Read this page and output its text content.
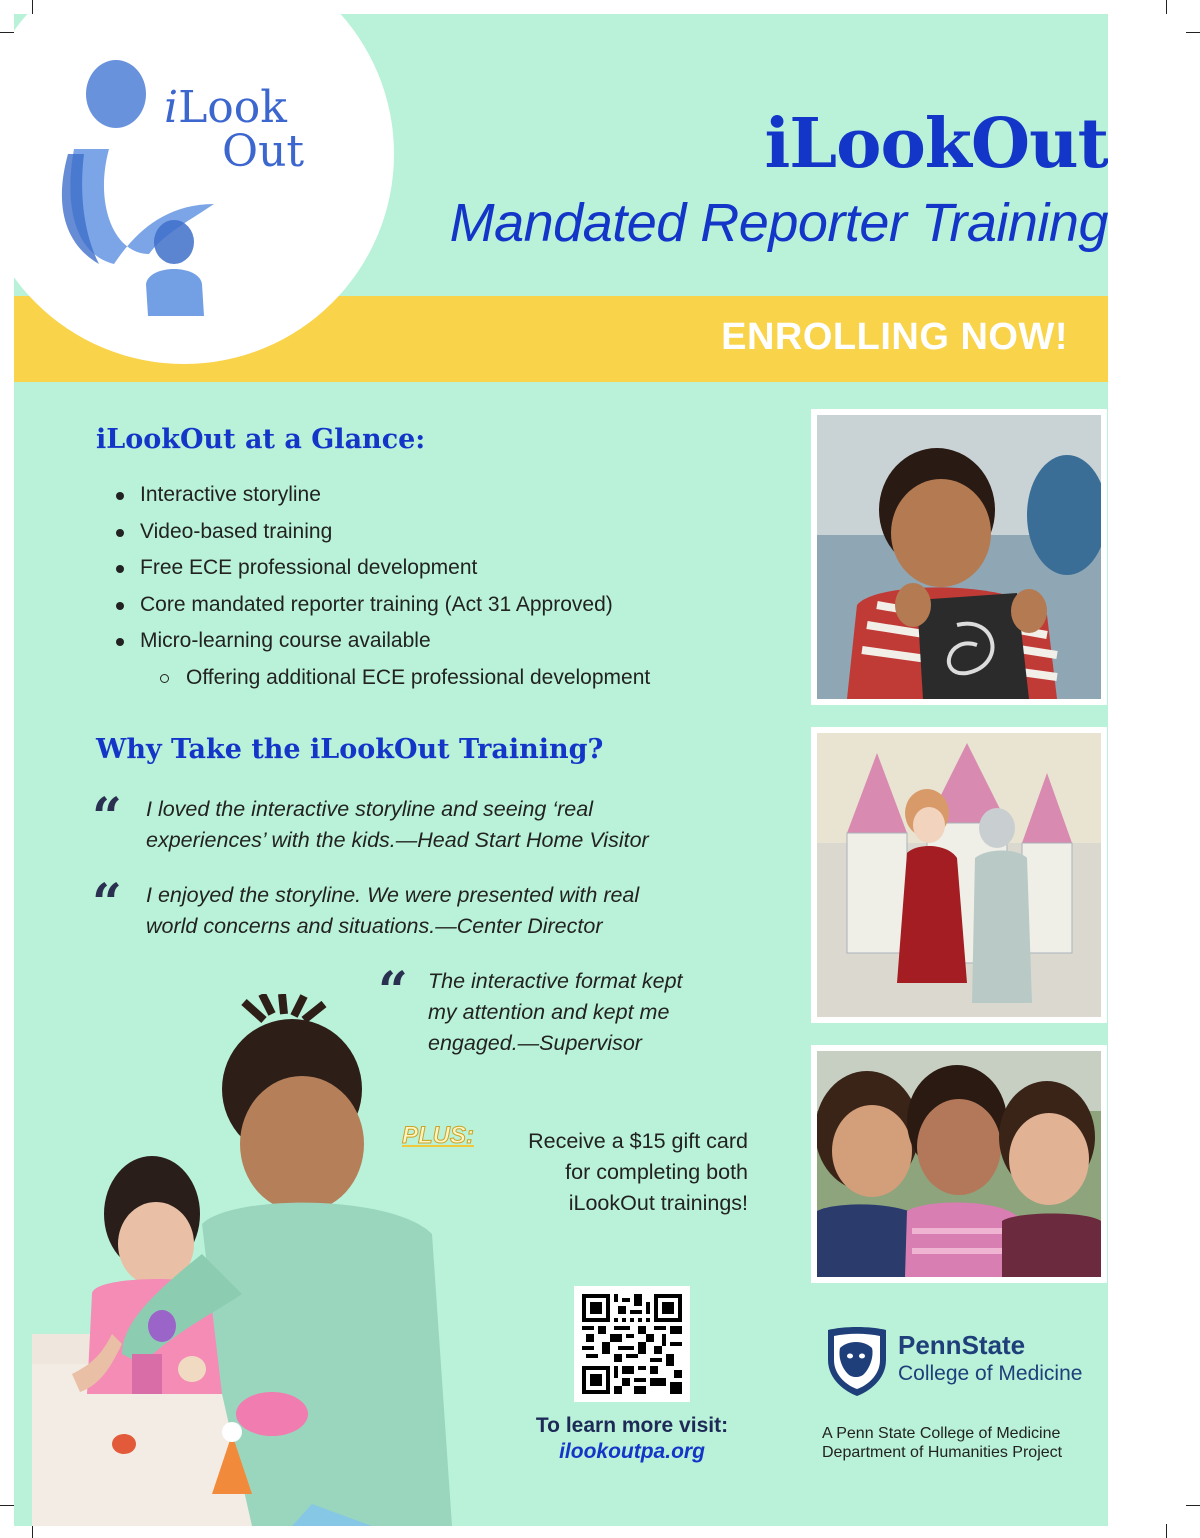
iLook
Out	iLookOut
Mandated Reporter Training
ENROLLING NOW!
iLookOut at a Glance:
Interactive storyline
Video-based training
Free ECE professional development
Core mandated reporter training (Act 31 Approved)
Micro-learning course available
Offering additional ECE professional development
Why Take the iLookOut Training?
“ I loved the interactive storyline and seeing ‘real
experiences’ with the kids.—Head Start Home Visitor
“ I enjoyed the storyline. We were presented with real
world concerns and situations.—Center Director
“ The interactive format kept
my attention and kept me
engaged.—Supervisor
PLUS:	Receive a $15 gift card
for completing both
iLookOut trainings!
To learn more visit:
ilookoutpa.org
PennState
College of Medicine
A Penn State College of Medicine
Department of Humanities Project
